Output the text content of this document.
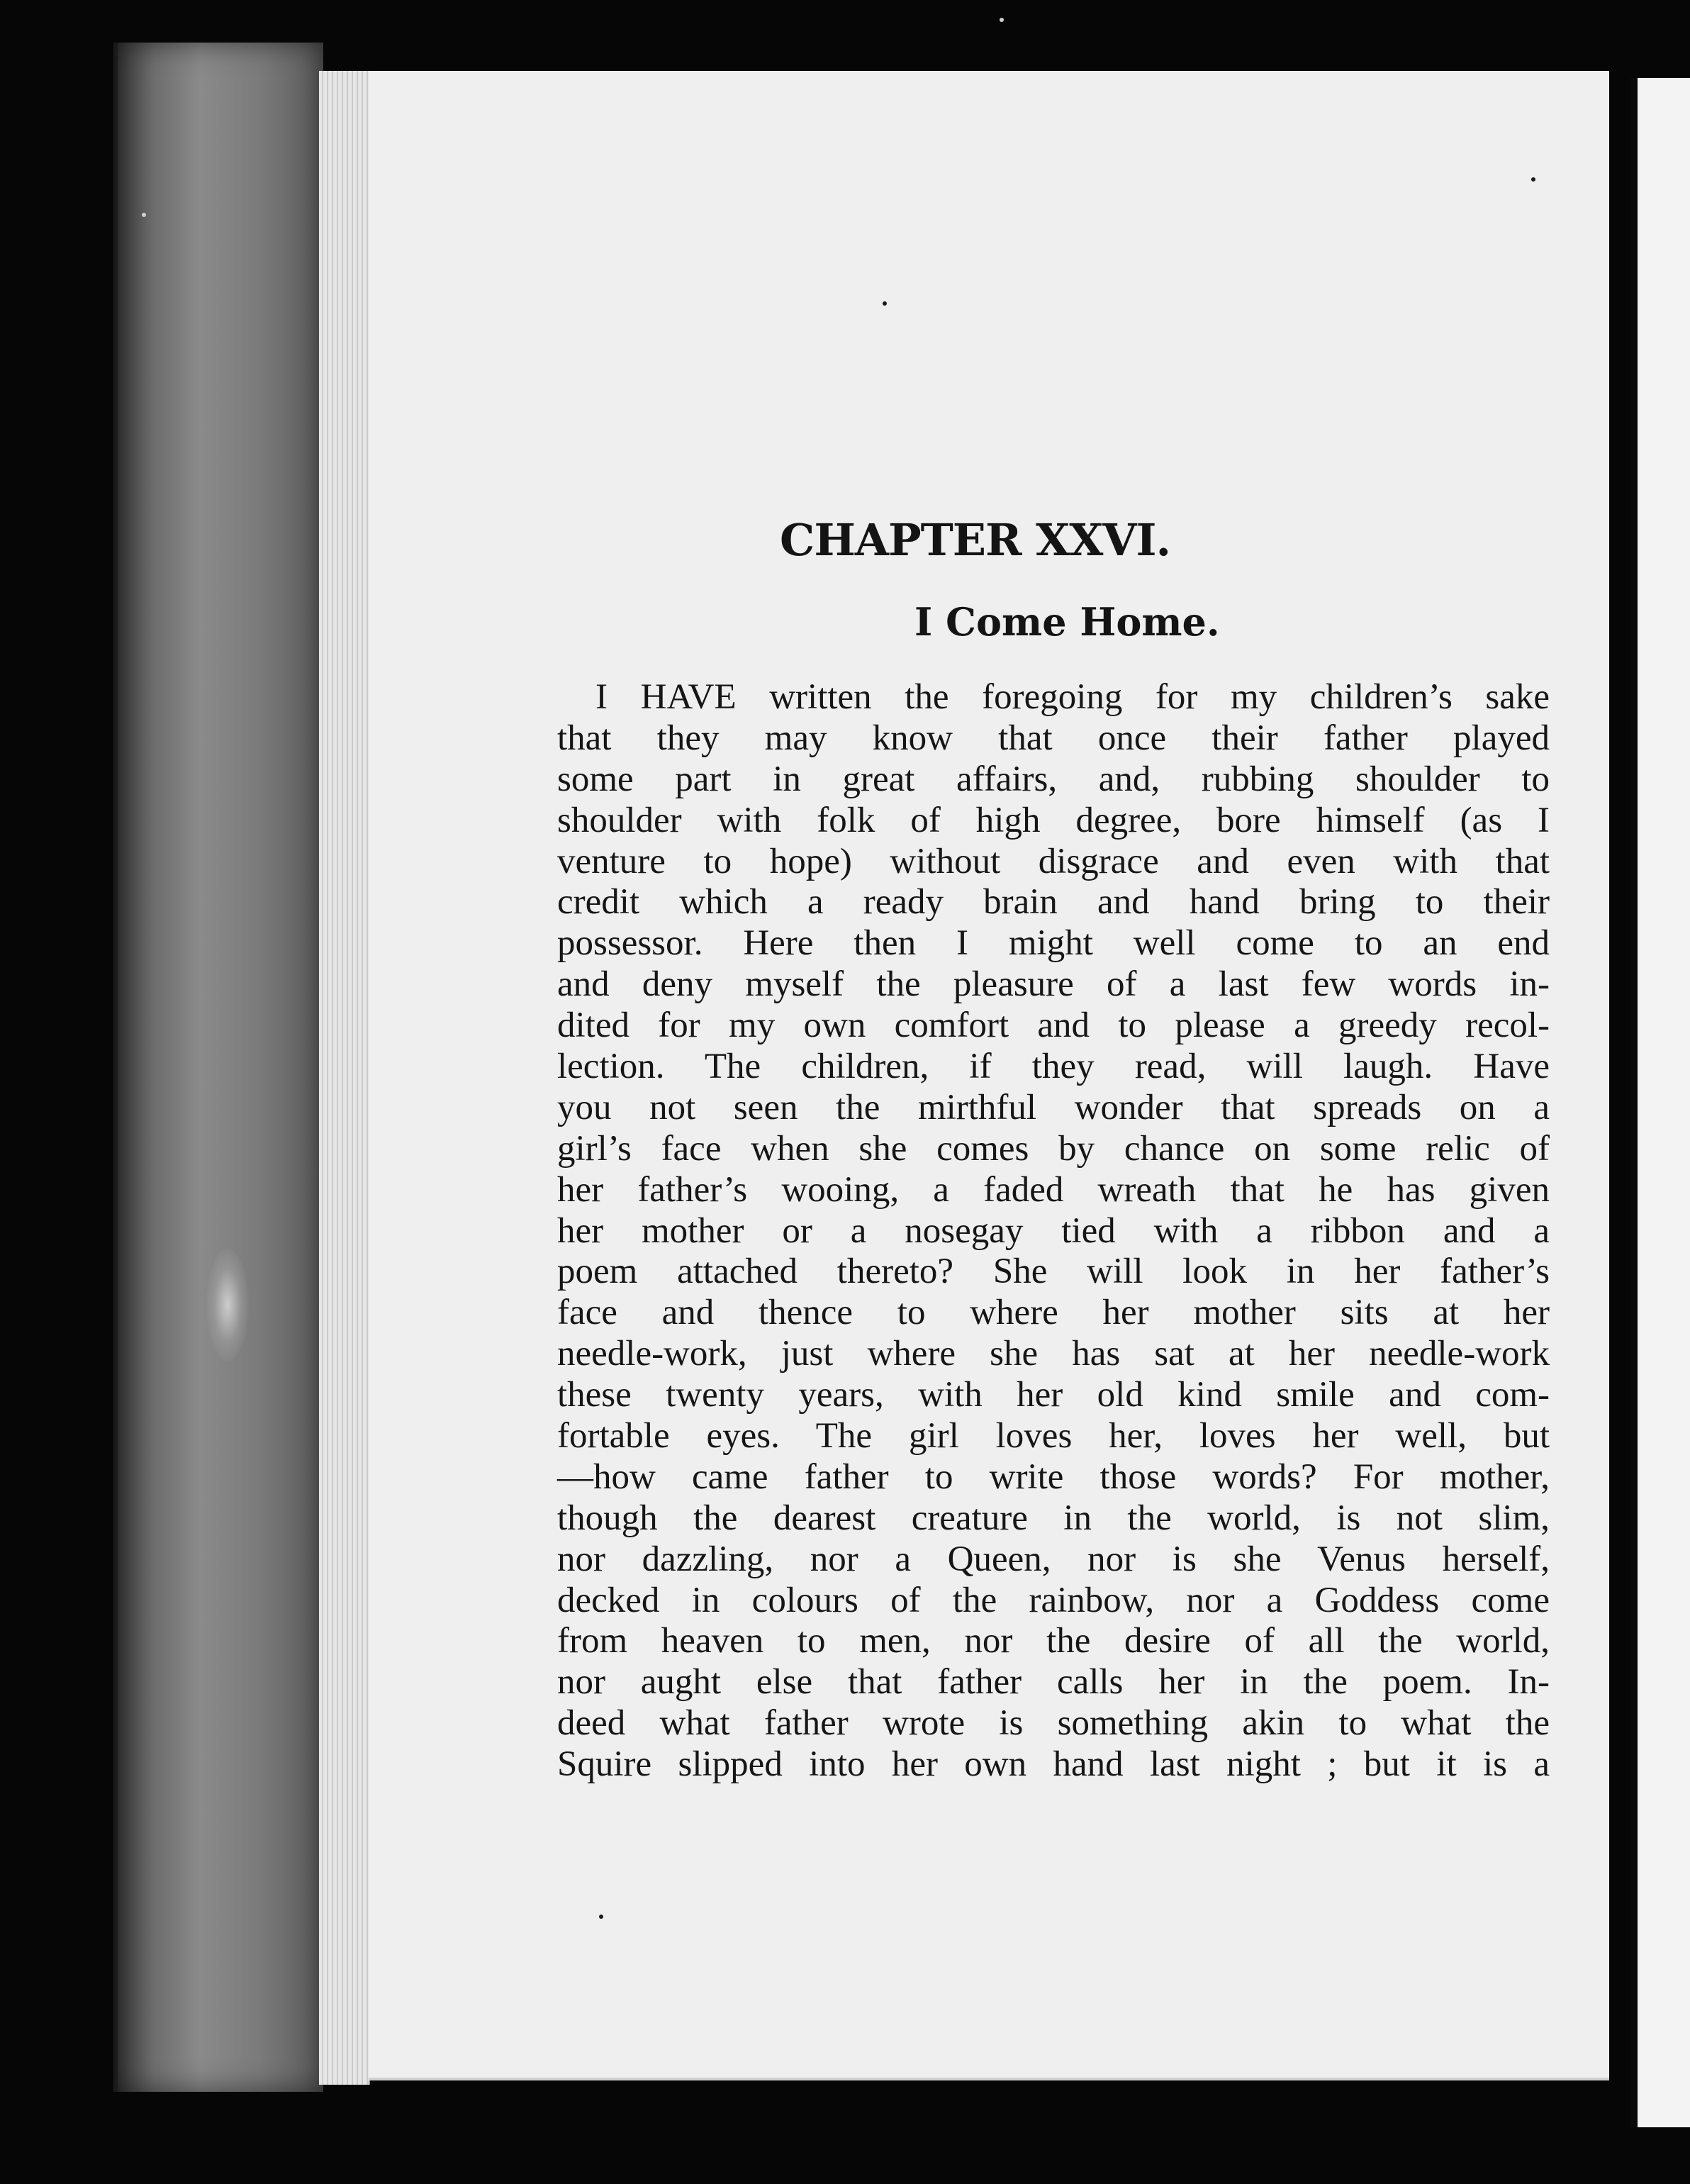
CHAPTER XXVI.
I Come Home.
I HAVE written the foregoing for my children’s sake
that they may know that once their father played
some part in great affairs, and, rubbing shoulder to
shoulder with folk of high degree, bore himself (as I
venture to hope) without disgrace and even with that
credit which a ready brain and hand bring to their
possessor. Here then I might well come to an end
and deny myself the pleasure of a last few words in-
dited for my own comfort and to please a greedy recol-
lection. The children, if they read, will laugh. Have
you not seen the mirthful wonder that spreads on a
girl’s face when she comes by chance on some relic of
her father’s wooing, a faded wreath that he has given
her mother or a nosegay tied with a ribbon and a
poem attached thereto? She will look in her father’s
face and thence to where her mother sits at her
needle-work, just where she has sat at her needle-work
these twenty years, with her old kind smile and com-
fortable eyes. The girl loves her, loves her well, but
—how came father to write those words? For mother,
though the dearest creature in the world, is not slim,
nor dazzling, nor a Queen, nor is she Venus herself,
decked in colours of the rainbow, nor a Goddess come
from heaven to men, nor the desire of all the world,
nor aught else that father calls her in the poem. In-
deed what father wrote is something akin to what the
Squire slipped into her own hand last night ; but it is a
